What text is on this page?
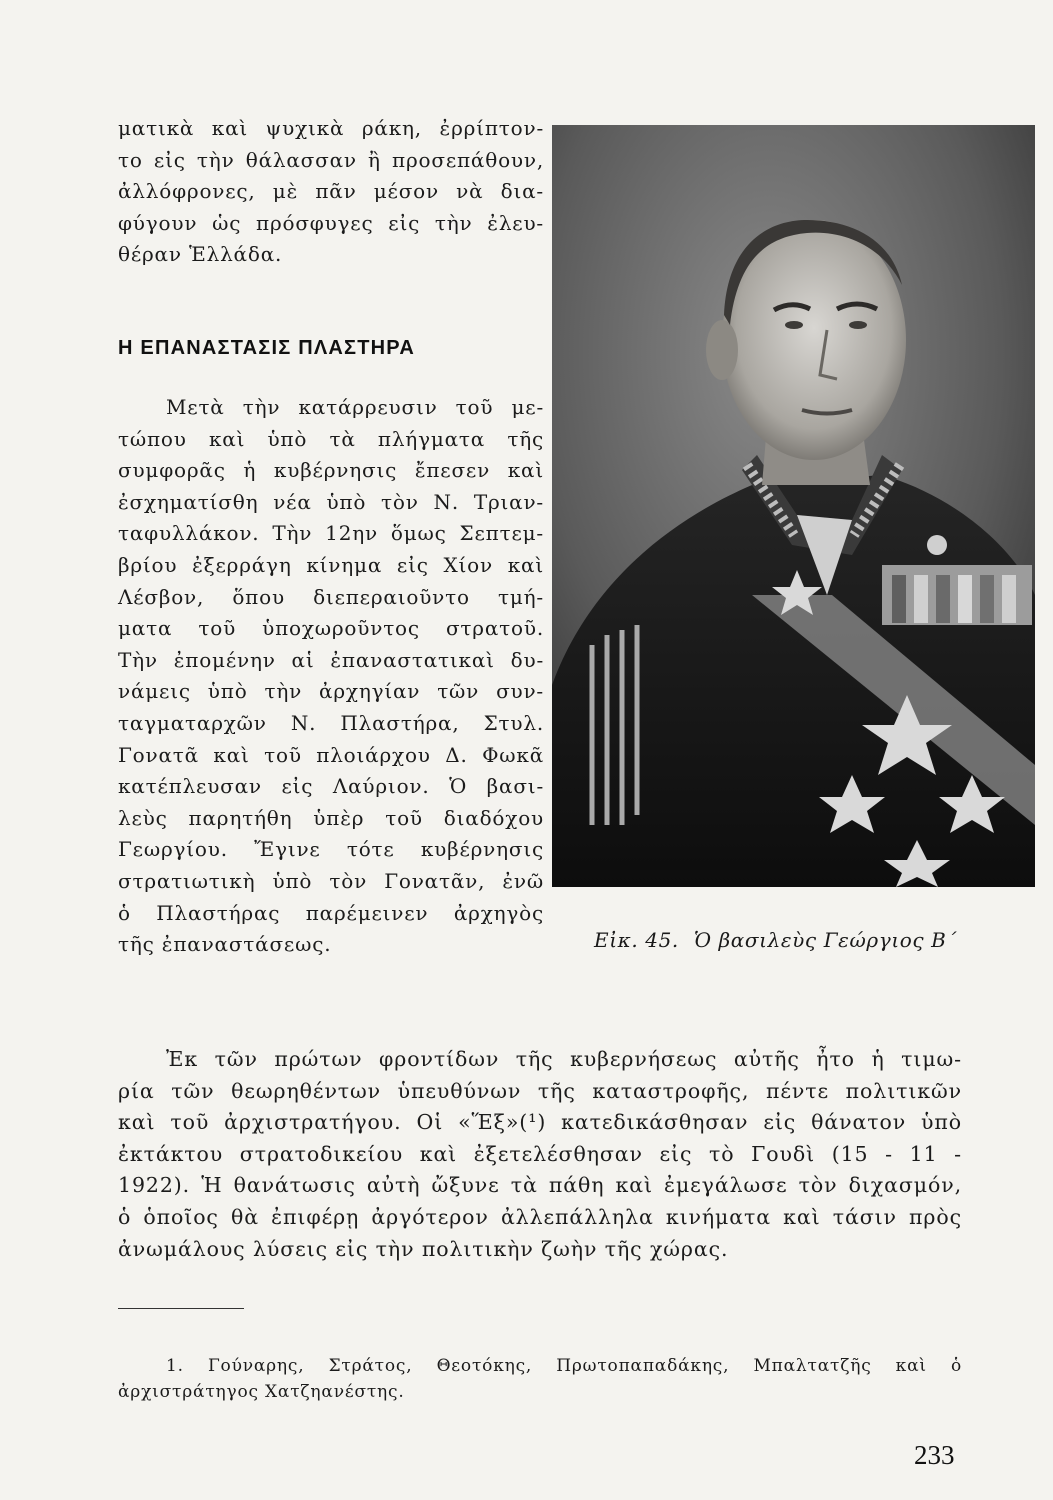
ματικὰ καὶ ψυχικὰ ράκη, ἐρρίπτον-
το εἰς τὴν θάλασσαν ἢ προσεπάθουν,
ἀλλόφρονες, μὲ πᾶν μέσον νὰ δια-
φύγουν ὡς πρόσφυγες εἰς τὴν ἐλευ-
θέραν Ἑλλάδα.
Η ΕΠΑΝΑΣΤΑΣΙΣ ΠΛΑΣΤΗΡΑ
Μετὰ τὴν κατάρρευσιν τοῦ με-
τώπου καὶ ὑπὸ τὰ πλήγματα τῆς
συμφορᾶς ἡ κυβέρνησις ἔπεσεν καὶ
ἐσχηματίσθη νέα ὑπὸ τὸν Ν. Τριαν-
ταφυλλάκον. Τὴν 12ην ὅμως Σεπτεμ-
βρίου ἐξερράγη κίνημα εἰς Χίον καὶ
Λέσβον, ὅπου διεπεραιοῦντο τμή-
ματα τοῦ ὑποχωροῦντος στρατοῦ.
Τὴν ἐπομένην αἱ ἐπαναστατικαὶ δυ-
νάμεις ὑπὸ τὴν ἀρχηγίαν τῶν συν-
ταγματαρχῶν Ν. Πλαστήρα, Στυλ.
Γονατᾶ καὶ τοῦ πλοιάρχου Δ. Φωκᾶ
κατέπλευσαν εἰς Λαύριον. Ὁ βασι-
λεὺς παρητήθη ὑπὲρ τοῦ διαδόχου
Γεωργίου. Ἔγινε τότε κυβέρνησις
στρατιωτικὴ ὑπὸ τὸν Γονατᾶν, ἐνῶ
ὁ Πλαστήρας παρέμεινεν ἀρχηγὸς
τῆς ἐπαναστάσεως.	Εἰκ. 45. Ὁ βασιλεὺς Γεώργιος Β΄
Ἐκ τῶν πρώτων φροντίδων τῆς κυβερνήσεως αὐτῆς ἦτο ἡ τιμω-
ρία τῶν θεωρηθέντων ὑπευθύνων τῆς καταστροφῆς, πέντε πολιτικῶν
καὶ τοῦ ἀρχιστρατήγου. Οἱ «Ἕξ»(¹) κατεδικάσθησαν εἰς θάνατον ὑπὸ
ἐκτάκτου στρατοδικείου καὶ ἐξετελέσθησαν εἰς τὸ Γουδὶ (15 - 11 -
1922). Ἡ θανάτωσις αὐτὴ ὤξυνε τὰ πάθη καὶ ἐμεγάλωσε τὸν διχασμόν,
ὁ ὁποῖος θὰ ἐπιφέρῃ ἀργότερον ἀλλεπάλληλα κινήματα καὶ τάσιν πρὸς
ἀνωμάλους λύσεις εἰς τὴν πολιτικὴν ζωὴν τῆς χώρας.
1. Γούναρης, Στράτος, Θεοτόκης, Πρωτοπαπαδάκης, Μπαλτατζῆς καὶ ὁ
ἀρχιστράτηγος Χατζηανέστης.
233
